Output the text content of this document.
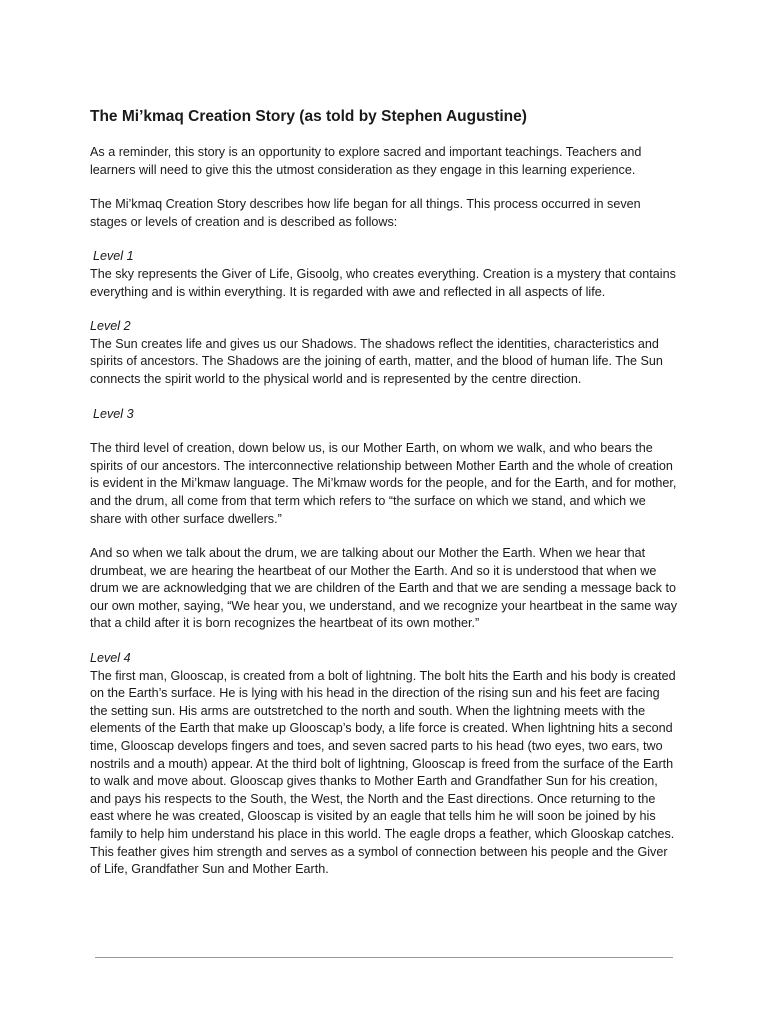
The Mi’kmaq Creation Story (as told by Stephen Augustine)

As a reminder, this story is an opportunity to explore sacred and important teachings. Teachers and learners will need to give this the utmost consideration as they engage in this learning experience.

The Mi’kmaq Creation Story describes how life began for all things. This process occurred in seven stages or levels of creation and is described as follows:

Level 1

The sky represents the Giver of Life, Gisoolg, who creates everything. Creation is a mystery that contains everything and is within everything. It is regarded with awe and reflected in all aspects of life.

Level 2

The Sun creates life and gives us our Shadows. The shadows reflect the identities, characteristics and spirits of ancestors. The Shadows are the joining of earth, matter, and the blood of human life. The Sun connects the spirit world to the physical world and is represented by the centre direction.

Level 3

The third level of creation, down below us, is our Mother Earth, on whom we walk, and who bears the spirits of our ancestors. The interconnective relationship between Mother Earth and the whole of creation is evident in the Mi’kmaw language. The Mi’kmaw words for the people, and for the Earth, and for mother, and the drum, all come from that term which refers to “the surface on which we stand, and which we share with other surface dwellers.”

And so when we talk about the drum, we are talking about our Mother the Earth. When we hear that drumbeat, we are hearing the heartbeat of our Mother the Earth. And so it is understood that when we drum we are acknowledging that we are children of the Earth and that we are sending a message back to our own mother, saying, “We hear you, we understand, and we recognize your heartbeat in the same way that a child after it is born recognizes the heartbeat of its own mother.”

Level 4

The first man, Glooscap, is created from a bolt of lightning. The bolt hits the Earth and his body is created on the Earth’s surface. He is lying with his head in the direction of the rising sun and his feet are facing the setting sun. His arms are outstretched to the north and south. When the lightning meets with the elements of the Earth that make up Glooscap’s body, a life force is created. When lightning hits a second time, Glooscap develops fingers and toes, and seven sacred parts to his head (two eyes, two ears, two nostrils and a mouth) appear. At the third bolt of lightning, Glooscap is freed from the surface of the Earth to walk and move about. Glooscap gives thanks to Mother Earth and Grandfather Sun for his creation, and pays his respects to the South, the West, the North and the East directions. Once returning to the east where he was created, Glooscap is visited by an eagle that tells him he will soon be joined by his family to help him understand his place in this world. The eagle drops a feather, which Glooskap catches. This feather gives him strength and serves as a symbol of connection between his people and the Giver of Life, Grandfather Sun and Mother Earth.
